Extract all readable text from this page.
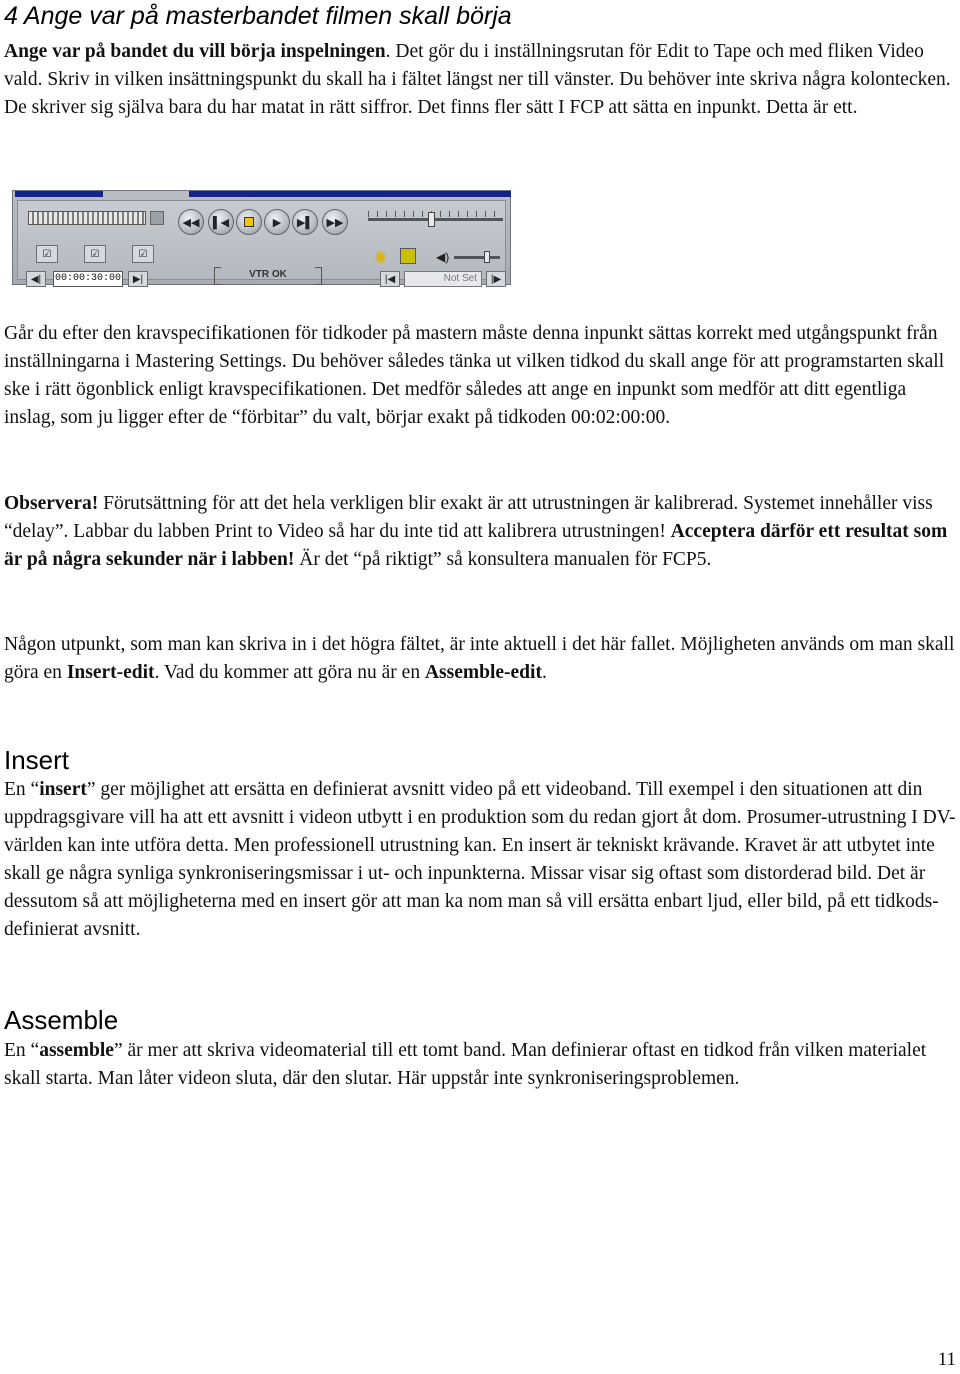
4 Ange var på masterbandet filmen skall börja

Ange var på bandet du vill börja inspelningen. Det gör du i inställningsrutan för Edit to Tape och med fliken Video vald. Skriv in vilken insättningspunkt du skall ha i fältet längst ner till vänster. Du behöver inte skriva några kolontecken. De skriver sig själva bara du har matat in rätt siffror. Det finns fler sätt I FCP att sätta en inpunkt. Detta är ett.

◀◀	▌◀	▶	▶▌	▶▶
☑	☑	☑
◀|	00:00:30:00	▶|	VTR OK
✺	◀)
|◀	Not Set	|▶

Går du efter den kravspecifikationen för tidkoder på mastern måste denna inpunkt sättas korrekt med utgångspunkt från inställningarna i Mastering Settings. Du behöver således tänka ut vilken tidkod du skall ange för att programstarten skall ske i rätt ögonblick enligt kravspecifikationen. Det medför således att ange en inpunkt som medför att ditt egentliga inslag, som ju ligger efter de “förbitar” du valt, börjar exakt på tidkoden 00:02:00:00.

Observera! Förutsättning för att det hela verkligen blir exakt är att utrustningen är kalibrerad. Systemet innehåller viss “delay”. Labbar du labben Print to Video så har du inte tid att kalibrera utrustningen! Acceptera därför ett resultat som är på några sekunder när i labben! Är det “på riktigt” så konsultera manualen för FCP5.

Någon utpunkt, som man kan skriva in i det högra fältet, är inte aktuell i det här fallet. Möjligheten används om man skall göra en Insert-edit. Vad du kommer att göra nu är en Assemble-edit.

Insert

En “insert” ger möjlighet att ersätta en definierat avsnitt video på ett videoband. Till exempel i den situationen att din uppdragsgivare vill ha att ett avsnitt i videon utbytt i en produktion som du redan gjort åt dom. Prosumer-utrustning I DV-världen kan inte utföra detta. Men professionell utrustning kan. En insert är tekniskt krävande. Kravet är att utbytet inte skall ge några synliga synkroniseringsmissar i ut- och inpunkterna. Missar visar sig oftast som distorderad bild. Det är dessutom så att möjligheterna med en insert gör att man ka nom man så vill ersätta enbart ljud, eller bild, på ett tidkods-definierat avsnitt.

Assemble

En “assemble” är mer att skriva videomaterial till ett tomt band. Man definierar oftast en tidkod från vilken materialet skall starta. Man låter videon sluta, där den slutar. Här uppstår inte synkroniseringsproblemen.

11
